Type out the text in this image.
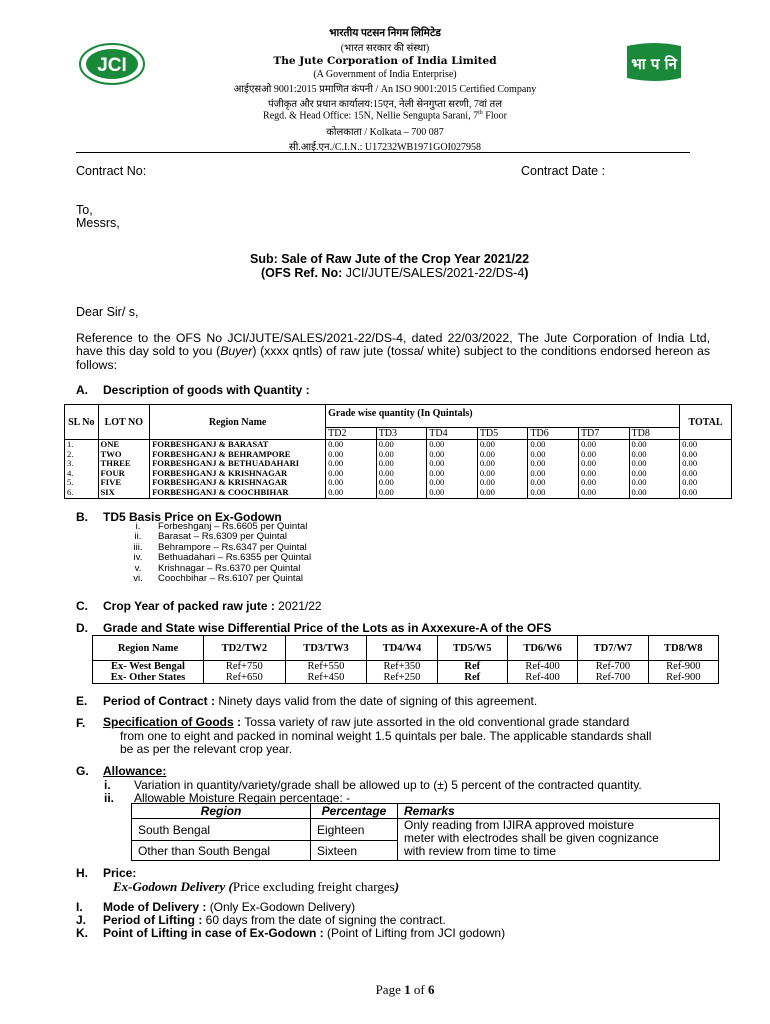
JCI	भा प नि
भारतीय पटसन निगम लिमिटेड
(भारत सरकार की संस्था)
The Jute Corporation of India Limited
(A Government of India Enterprise)
आईएसओ 9001:2015 प्रमाणित कंपनी / An ISO 9001:2015 Certified Company
पंजीकृत और प्रधान कार्यालय:15एन, नेली सेनगुप्ता सरणी, 7वां तल
Regd. & Head Office: 15N, Nellie Sengupta Sarani, 7th Floor
कोलकाता / Kolkata – 700 087
सी.आई.एन./C.I.N.: U17232WB1971GOI027958
Contract No:	Contract Date :
To,
Messrs,
Sub: Sale of Raw Jute of the Crop Year 2021/22
(OFS Ref. No: JCI/JUTE/SALES/2021-22/DS-4)
Dear Sir/ s,
Reference to the OFS No JCI/JUTE/SALES/2021-22/DS-4, dated 22/03/2022, The Jute Corporation of India Ltd, have this day sold to you (Buyer) (xxxx qntls) of raw jute (tossa/ white) subject to the conditions endorsed hereon as follows:
A. Description of goods with Quantity :
SL No	LOT NO	Region Name	Grade wise quantity (In Quintals)							TOTAL
			TD2	TD3	TD4	TD5	TD6	TD7	TD8	
1.	ONE	FORBESHGANJ & BARASAT	0.00	0.00	0.00	0.00	0.00	0.00	0.00	0.00
2.	TWO	FORBESHGANJ & BEHRAMPORE	0.00	0.00	0.00	0.00	0.00	0.00	0.00	0.00
3.	THREE	FORBESHGANJ & BETHUADAHARI	0.00	0.00	0.00	0.00	0.00	0.00	0.00	0.00
4.	FOUR	FORBESHGANJ & KRISHNAGAR	0.00	0.00	0.00	0.00	0.00	0.00	0.00	0.00
5.	FIVE	FORBESHGANJ & KRISHNAGAR	0.00	0.00	0.00	0.00	0.00	0.00	0.00	0.00
6.	SIX	FORBESHGANJ & COOCHBIHAR	0.00	0.00	0.00	0.00	0.00	0.00	0.00	0.00
B. TD5 Basis Price on Ex-Godown
i. Forbeshganj – Rs.6605 per Quintal
ii. Barasat – Rs.6309 per Quintal
iii. Behrampore – Rs.6347 per Quintal
iv. Bethuadahari – Rs.6355 per Quintal
v. Krishnagar – Rs.6370 per Quintal
vi. Coochbihar – Rs.6107 per Quintal
C. Crop Year of packed raw jute : 2021/22
D. Grade and State wise Differential Price of the Lots as in Axxexure-A of the OFS
Region Name	TD2/TW2	TD3/TW3	TD4/W4	TD5/W5	TD6/W6	TD7/W7	TD8/W8
Ex- West Bengal	Ref+750	Ref+550	Ref+350	Ref	Ref-400	Ref-700	Ref-900
Ex- Other States	Ref+650	Ref+450	Ref+250	Ref	Ref-400	Ref-700	Ref-900
E. Period of Contract : Ninety days valid from the date of signing of this agreement.
F. Specification of Goods : Tossa variety of raw jute assorted in the old conventional grade standard
from one to eight and packed in nominal weight 1.5 quintals per bale. The applicable standards shall
be as per the relevant crop year.
G. Allowance:
i. Variation in quantity/variety/grade shall be allowed up to (±) 5 percent of the contracted quantity.
ii. Allowable Moisture Regain percentage: -
Region	Percentage	Remarks
South Bengal	Eighteen	Only reading from IJIRA approved moisture
meter with electrodes shall be given cognizance
with review from time to time
Other than South Bengal	Sixteen	
H. Price:
Ex-Godown Delivery (Price excluding freight charges)
I. Mode of Delivery : (Only Ex-Godown Delivery)
J. Period of Lifting : 60 days from the date of signing the contract.
K. Point of Lifting in case of Ex-Godown : (Point of Lifting from JCI godown)
Page 1 of 6
